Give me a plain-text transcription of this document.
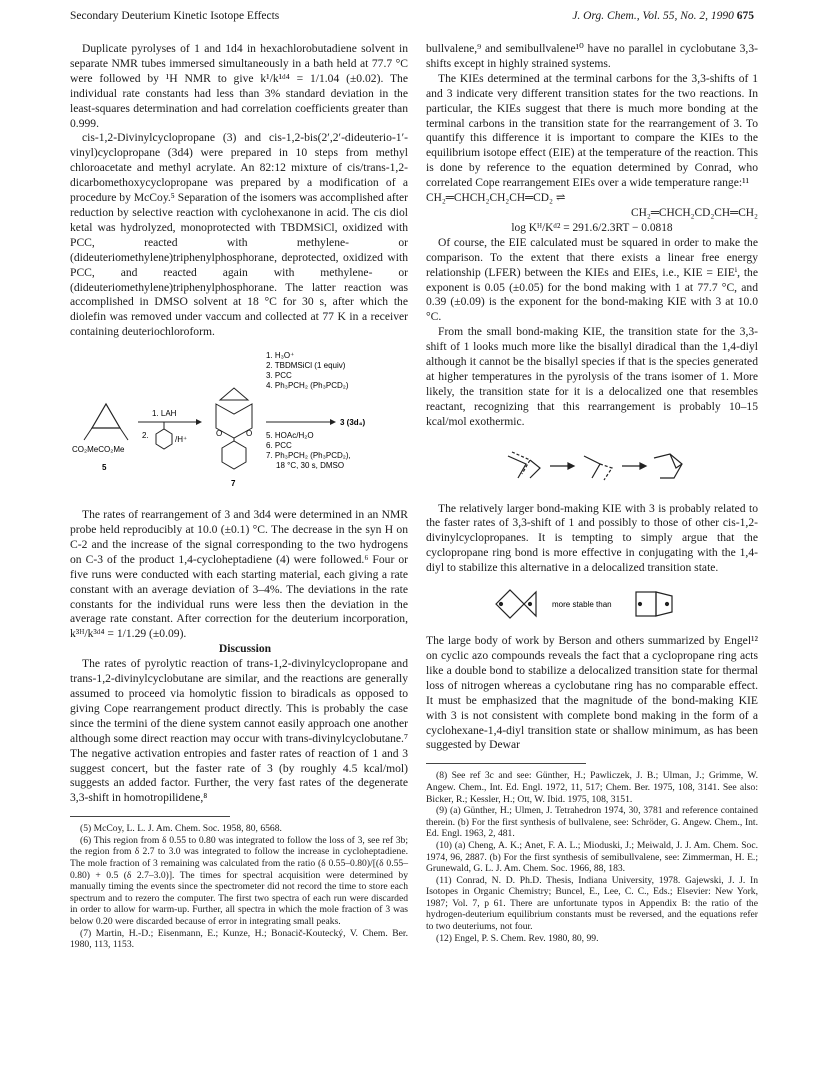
Secondary Deuterium Kinetic Isotope Effects	J. Org. Chem., Vol. 55, No. 2, 1990 675

Duplicate pyrolyses of 1 and 1d4 in hexachlorobutadiene solvent in separate NMR tubes immersed simultaneously in a bath held at 77.7 °C were followed by ¹H NMR to give k¹/k¹ᵈ⁴ = 1/1.04 (±0.02). The individual rate constants had less than 3% standard deviation in the least-squares determination and had correlation coefficients greater than 0.999.

cis-1,2-Divinylcyclopropane (3) and cis-1,2-bis(2′,2′-dideuterio-1′-vinyl)cyclopropane (3d4) were prepared in 10 steps from methyl chloroacetate and methyl acrylate. An 82:12 mixture of cis/trans-1,2-dicarbomethoxycyclopropane was prepared by a modification of a procedure by McCoy.⁵ Separation of the isomers was accomplished after reduction by selective reaction with cyclohexanone in acid. The cis diol ketal was hydrolyzed, monoprotected with TBDMSiCl, oxidized with PCC, reacted with methylene- or (dideuteriomethylene)triphenylphosphorane, deprotected, oxidized with PCC, and reacted again with methylene- or (dideuteriomethylene)triphenylphosphorane. The latter reaction was accomplished in DMSO solvent at 18 °C for 30 s, after which the diolefin was removed under vaccum and collected at 77 K in a receiver containing deuteriochloroform.

CO₂MeCO₂Me
5
1. LAH
2.	/H⁺
O	O
7
3 (3d₄)
1. H₃O⁺
2. TBDMSiCl (1 equiv)
3. PCC
4. Ph₃PCH₂ (Ph₃PCD₂)
5. HOAc/H₂O
6. PCC
7. Ph₃PCH₂ (Ph₃PCD₂),
18 °C, 30 s, DMSO

The rates of rearrangement of 3 and 3d4 were determined in an NMR probe held reproducibly at 10.0 (±0.1) °C. The decrease in the syn H on C-2 and the increase of the signal corresponding to the two hydrogens on C-3 of the product 1,4-cycloheptadiene (4) were followed.⁶ Four or five runs were conducted with each starting material, each giving a rate constant with an average deviation of 3–4%. The deviations in the rate constants for the individual runs were less then the deviation in the average rate constant. After correction for the deuterium incorporation, k³ᴴ/k³ᵈ⁴ = 1/1.29 (±0.09).

Discussion

The rates of pyrolytic reaction of trans-1,2-divinylcyclopropane and trans-1,2-divinylcyclobutane are similar, and the reactions are generally assumed to proceed via homolytic fission to biradicals as opposed to giving Cope rearrangement product directly. This is probably the case since the termini of the diene system cannot easily approach one another although some direct reaction may occur with trans-divinylcyclobutane.⁷ The negative activation entropies and faster rates of reaction of 1 and 3 suggest concert, but the faster rate of 3 (by roughly 4.5 kcal/mol) suggests an added factor. Further, the very fast rates of the degenerate 3,3-shift in homotropilidene,⁸

(5) McCoy, L. L. J. Am. Chem. Soc. 1958, 80, 6568.

(6) This region from δ 0.55 to 0.80 was integrated to follow the loss of 3, see ref 3b; the region from δ 2.7 to 3.0 was integrated to follow the increase in cycloheptadiene. The mole fraction of 3 remaining was calculated from the ratio (δ 0.55–0.80)/[(δ 0.55–0.80) + 0.5 (δ 2.7–3.0)]. The times for spectral acquisition were determined by manually timing the events since the spectrometer did not record the time to store each spectrum and to rezero the computer. The first two spectra of each run were discarded in order to allow for warm-up. Further, all spectra in which the mole fraction of 3 was below 0.20 were discarded because of error in integrating small peaks.

(7) Martin, H.-D.; Eisenmann, E.; Kunze, H.; Bonacič-Koutecký, V. Chem. Ber. 1980, 113, 1153.

bullvalene,⁹ and semibullvalene¹⁰ have no parallel in cyclobutane 3,3-shifts except in highly strained systems.

The KIEs determined at the terminal carbons for the 3,3-shifts of 1 and 3 indicate very different transition states for the two reactions. In particular, the KIEs suggest that there is much more bonding at the terminal carbons in the transition state for the rearrangement of 3. To quantify this difference it is important to compare the KIEs to the equilibrium isotope effect (EIE) at the temperature of the reaction. This is done by reference to the equation determined by Conrad, who correlated Cope rearrangement EIEs over a wide temperature range:¹¹

CH₂═CHCH₂CH₂CH═CD₂ ⇌

CH₂═CHCH₂CD₂CH═CH₂

log Kᴴ/Kᵈ² = 291.6/2.3RT − 0.0818

Of course, the EIE calculated must be squared in order to make the comparison. To the extent that there exists a linear free energy relationship (LFER) between the KIEs and EIEs, i.e., KIE = EIEⁱ, the exponent is 0.05 (±0.05) for the bond making with 1 at 77.7 °C, and 0.39 (±0.09) is the exponent for the bond-making KIE with 3 at 10.0 °C.

From the small bond-making KIE, the transition state for the 3,3-shift of 1 looks much more like the bisallyl diradical than the 1,4-diyl although it cannot be the bisallyl species if that is the species generated at higher temperatures in the pyrolysis of the trans isomer of 1. More likely, the transition state for it is a delocalized one that resembles reactant, recognizing that this rearrangement is probably 10–15 kcal/mol exothermic.

The relatively larger bond-making KIE with 3 is probably related to the faster rates of 3,3-shift of 1 and possibly to those of other cis-1,2-divinylcyclopropanes. It is tempting to simply argue that the cyclopropane ring bond is more effective in conjugating with the 1,4-diyl to stabilize this alternative in a delocalized transition state.

more stable than

The large body of work by Berson and others summarized by Engel¹² on cyclic azo compounds reveals the fact that a cyclopropane ring acts like a double bond to stabilize a delocalized transition state for thermal loss of nitrogen whereas a cyclobutane ring has no comparable effect. It must be emphasized that the magnitude of the bond-making KIE with 3 is not consistent with complete bond making in the form of a cyclohexane-1,4-diyl transition state or shallow minimum, as has been suggested by Dewar

(8) See ref 3c and see: Günther, H.; Pawliczek, J. B.; Ulman, J.; Grimme, W. Angew. Chem., Int. Ed. Engl. 1972, 11, 517; Chem. Ber. 1975, 108, 3141. See also: Bicker, R.; Kessler, H.; Ott, W. Ibid. 1975, 108, 3151.

(9) (a) Günther, H.; Ulmen, J. Tetrahedron 1974, 30, 3781 and reference contained therein. (b) For the first synthesis of bullvalene, see: Schröder, G. Angew. Chem., Int. Ed. Engl. 1963, 2, 481.

(10) (a) Cheng, A. K.; Anet, F. A. L.; Mioduski, J.; Meiwald, J. J. Am. Chem. Soc. 1974, 96, 2887. (b) For the first synthesis of semibullvalene, see: Zimmerman, H. E.; Grunewald, G. L. J. Am. Chem. Soc. 1966, 88, 183.

(11) Conrad, N. D. Ph.D. Thesis, Indiana University, 1978. Gajewski, J. J. In Isotopes in Organic Chemistry; Buncel, E., Lee, C. C., Eds.; Elsevier: New York, 1987; Vol. 7, p 61. There are unfortunate typos in Appendix B: the ratio of the hydrogen-deuterium equilibrium constants must be reversed, and the equations refer to two deuteriums, not four.

(12) Engel, P. S. Chem. Rev. 1980, 80, 99.
